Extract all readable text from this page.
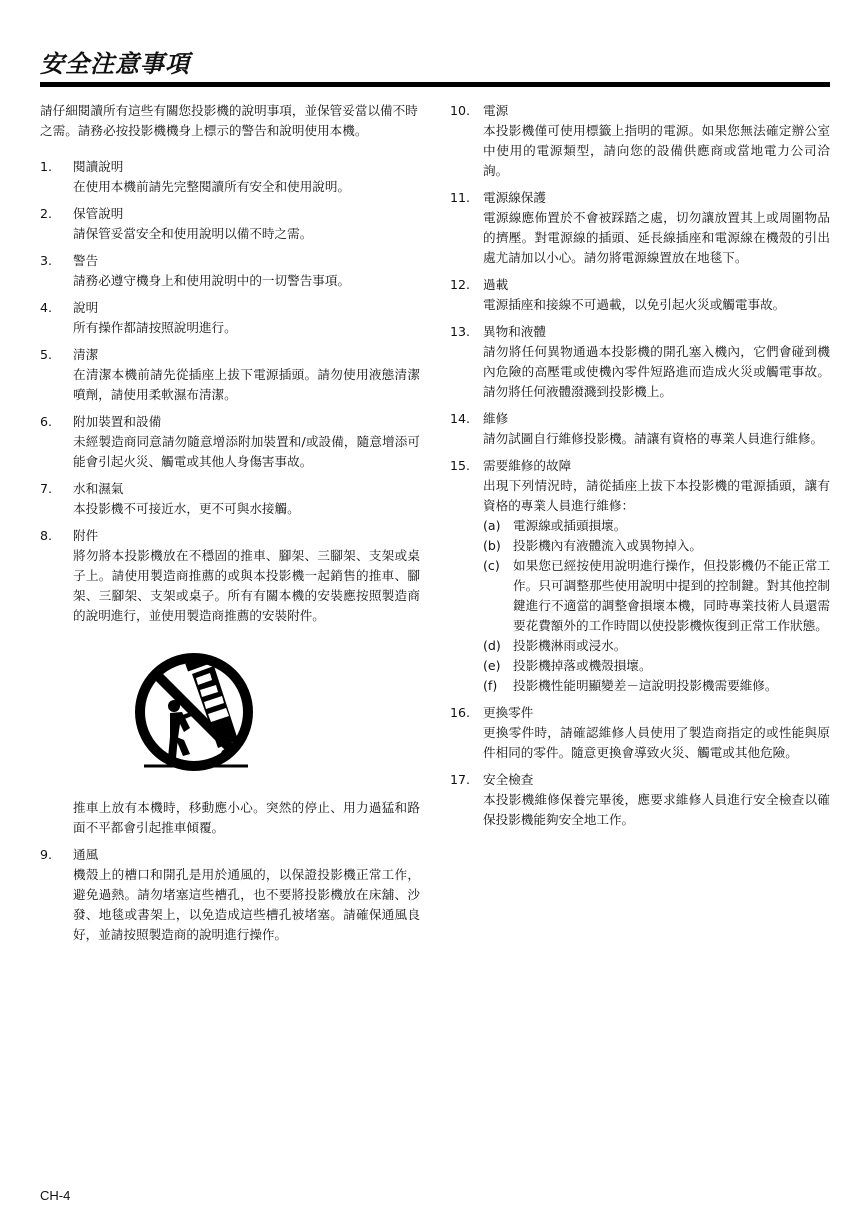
安全注意事項

請仔細閱讀所有這些有關您投影機的說明事項，並保管妥當以備不時之需。請務必按投影機機身上標示的警告和說明使用本機。

1. 閱讀說明
在使用本機前請先完整閱讀所有安全和使用說明。
2. 保管說明
請保管妥當安全和使用說明以備不時之需。
3. 警告
請務必遵守機身上和使用說明中的一切警告事項。
4. 說明
所有操作都請按照說明進行。
5. 清潔
在清潔本機前請先從插座上拔下電源插頭。請勿使用液態清潔噴劑，請使用柔軟濕布清潔。
6. 附加裝置和設備
未經製造商同意請勿隨意增添附加裝置和/或設備，隨意增添可能會引起火災、觸電或其他人身傷害事故。
7. 水和濕氣
本投影機不可接近水，更不可與水接觸。
8. 附件
將勿將本投影機放在不穩固的推車、腳架、三腳架、支架或桌子上。請使用製造商推薦的或與本投影機一起銷售的推車、腳架、三腳架、支架或桌子。所有有關本機的安裝應按照製造商的說明進行，並使用製造商推薦的安裝附件。

推車上放有本機時，移動應小心。突然的停止、用力過猛和路面不平都會引起推車傾覆。

9. 通風
機殼上的槽口和開孔是用於通風的，以保證投影機正常工作，避免過熱。請勿堵塞這些槽孔，也不要將投影機放在床舖、沙發、地毯或書架上，以免造成這些槽孔被堵塞。請確保通風良好，並請按照製造商的說明進行操作。
10. 電源
本投影機僅可使用標籤上指明的電源。如果您無法確定辦公室中使用的電源類型，請向您的設備供應商或當地電力公司洽詢。
11. 電源線保護
電源線應佈置於不會被踩踏之處，切勿讓放置其上或周圍物品的擠壓。對電源線的插頭、延長線插座和電源線在機殼的引出處尤請加以小心。請勿將電源線置放在地毯下。
12. 過載
電源插座和接線不可過載，以免引起火災或觸電事故。
13. 異物和液體
請勿將任何異物通過本投影機的開孔塞入機內，它們會碰到機內危險的高壓電或使機內零件短路進而造成火災或觸電事故。請勿將任何液體潑濺到投影機上。
14. 維修
請勿試圖自行維修投影機。請讓有資格的專業人員進行維修。
15. 需要維修的故障
出現下列情況時，請從插座上拔下本投影機的電源插頭，讓有資格的專業人員進行維修：
(a) 電源線或插頭損壞。
(b) 投影機內有液體流入或異物掉入。
(c) 如果您已經按使用說明進行操作，但投影機仍不能正常工作。只可調整那些使用說明中提到的控制鍵。對其他控制鍵進行不適當的調整會損壞本機，同時專業技術人員還需要花費額外的工作時間以使投影機恢復到正常工作狀態。
(d) 投影機淋雨或浸水。
(e) 投影機掉落或機殼損壞。
(f) 投影機性能明顯變差－這說明投影機需要維修。
16. 更換零件
更換零件時，請確認維修人員使用了製造商指定的或性能與原件相同的零件。隨意更換會導致火災、觸電或其他危險。
17. 安全檢查
本投影機維修保養完畢後，應要求維修人員進行安全檢查以確保投影機能夠安全地工作。
CH-4
